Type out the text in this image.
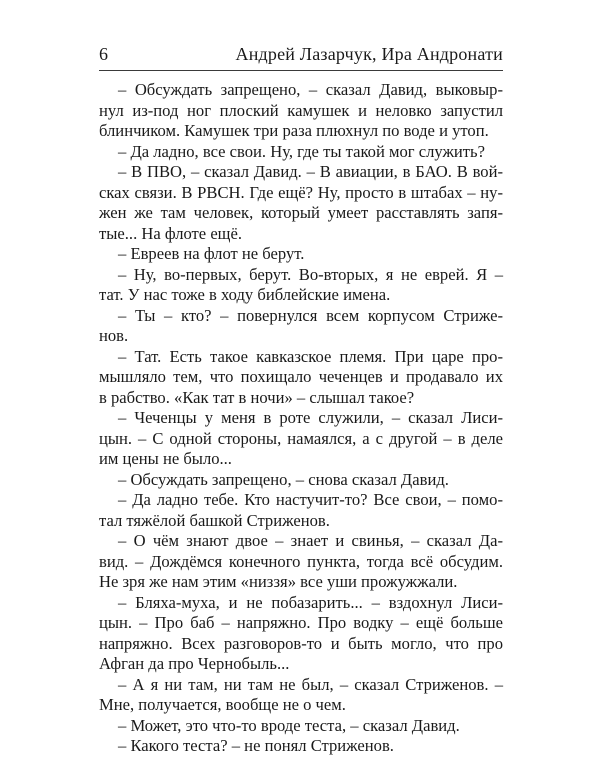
6	Андрей Лазарчук, Ира Андронати
– Обсуждать запрещено, – сказал Давид, выковыр-
нул из-под ног плоский камушек и неловко запустил
блинчиком. Камушек три раза плюхнул по воде и утоп.
– Да ладно, все свои. Ну, где ты такой мог служить?
– В ПВО, – сказал Давид. – В авиации, в БАО. В вой-
сках связи. В РВСН. Где ещё? Ну, просто в штабах – ну-
жен же там человек, который умеет расставлять запя-
тые... На флоте ещё.
– Евреев на флот не берут.
– Ну, во-первых, берут. Во-вторых, я не еврей. Я –
тат. У нас тоже в ходу библейские имена.
– Ты – кто? – повернулся всем корпусом Стриже-
нов.
– Тат. Есть такое кавказское племя. При царе про-
мышляло тем, что похищало чеченцев и продавало их
в рабство. «Как тат в ночи» – слышал такое?
– Чеченцы у меня в роте служили, – сказал Лиси-
цын. – С одной стороны, намаялся, а с другой – в деле
им цены не было...
– Обсуждать запрещено, – снова сказал Давид.
– Да ладно тебе. Кто настучит-то? Все свои, – помо-
тал тяжёлой башкой Стриженов.
– О чём знают двое – знает и свинья, – сказал Да-
вид. – Дождёмся конечного пункта, тогда всё обсудим.
Не зря же нам этим «низзя» все уши прожужжали.
– Бляха-муха, и не побазарить... – вздохнул Лиси-
цын. – Про баб – напряжно. Про водку – ещё больше
напряжно. Всех разговоров-то и быть могло, что про
Афган да про Чернобыль...
– А я ни там, ни там не был, – сказал Стриженов. –
Мне, получается, вообще не о чем.
– Может, это что-то вроде теста, – сказал Давид.
– Какого теста? – не понял Стриженов.
